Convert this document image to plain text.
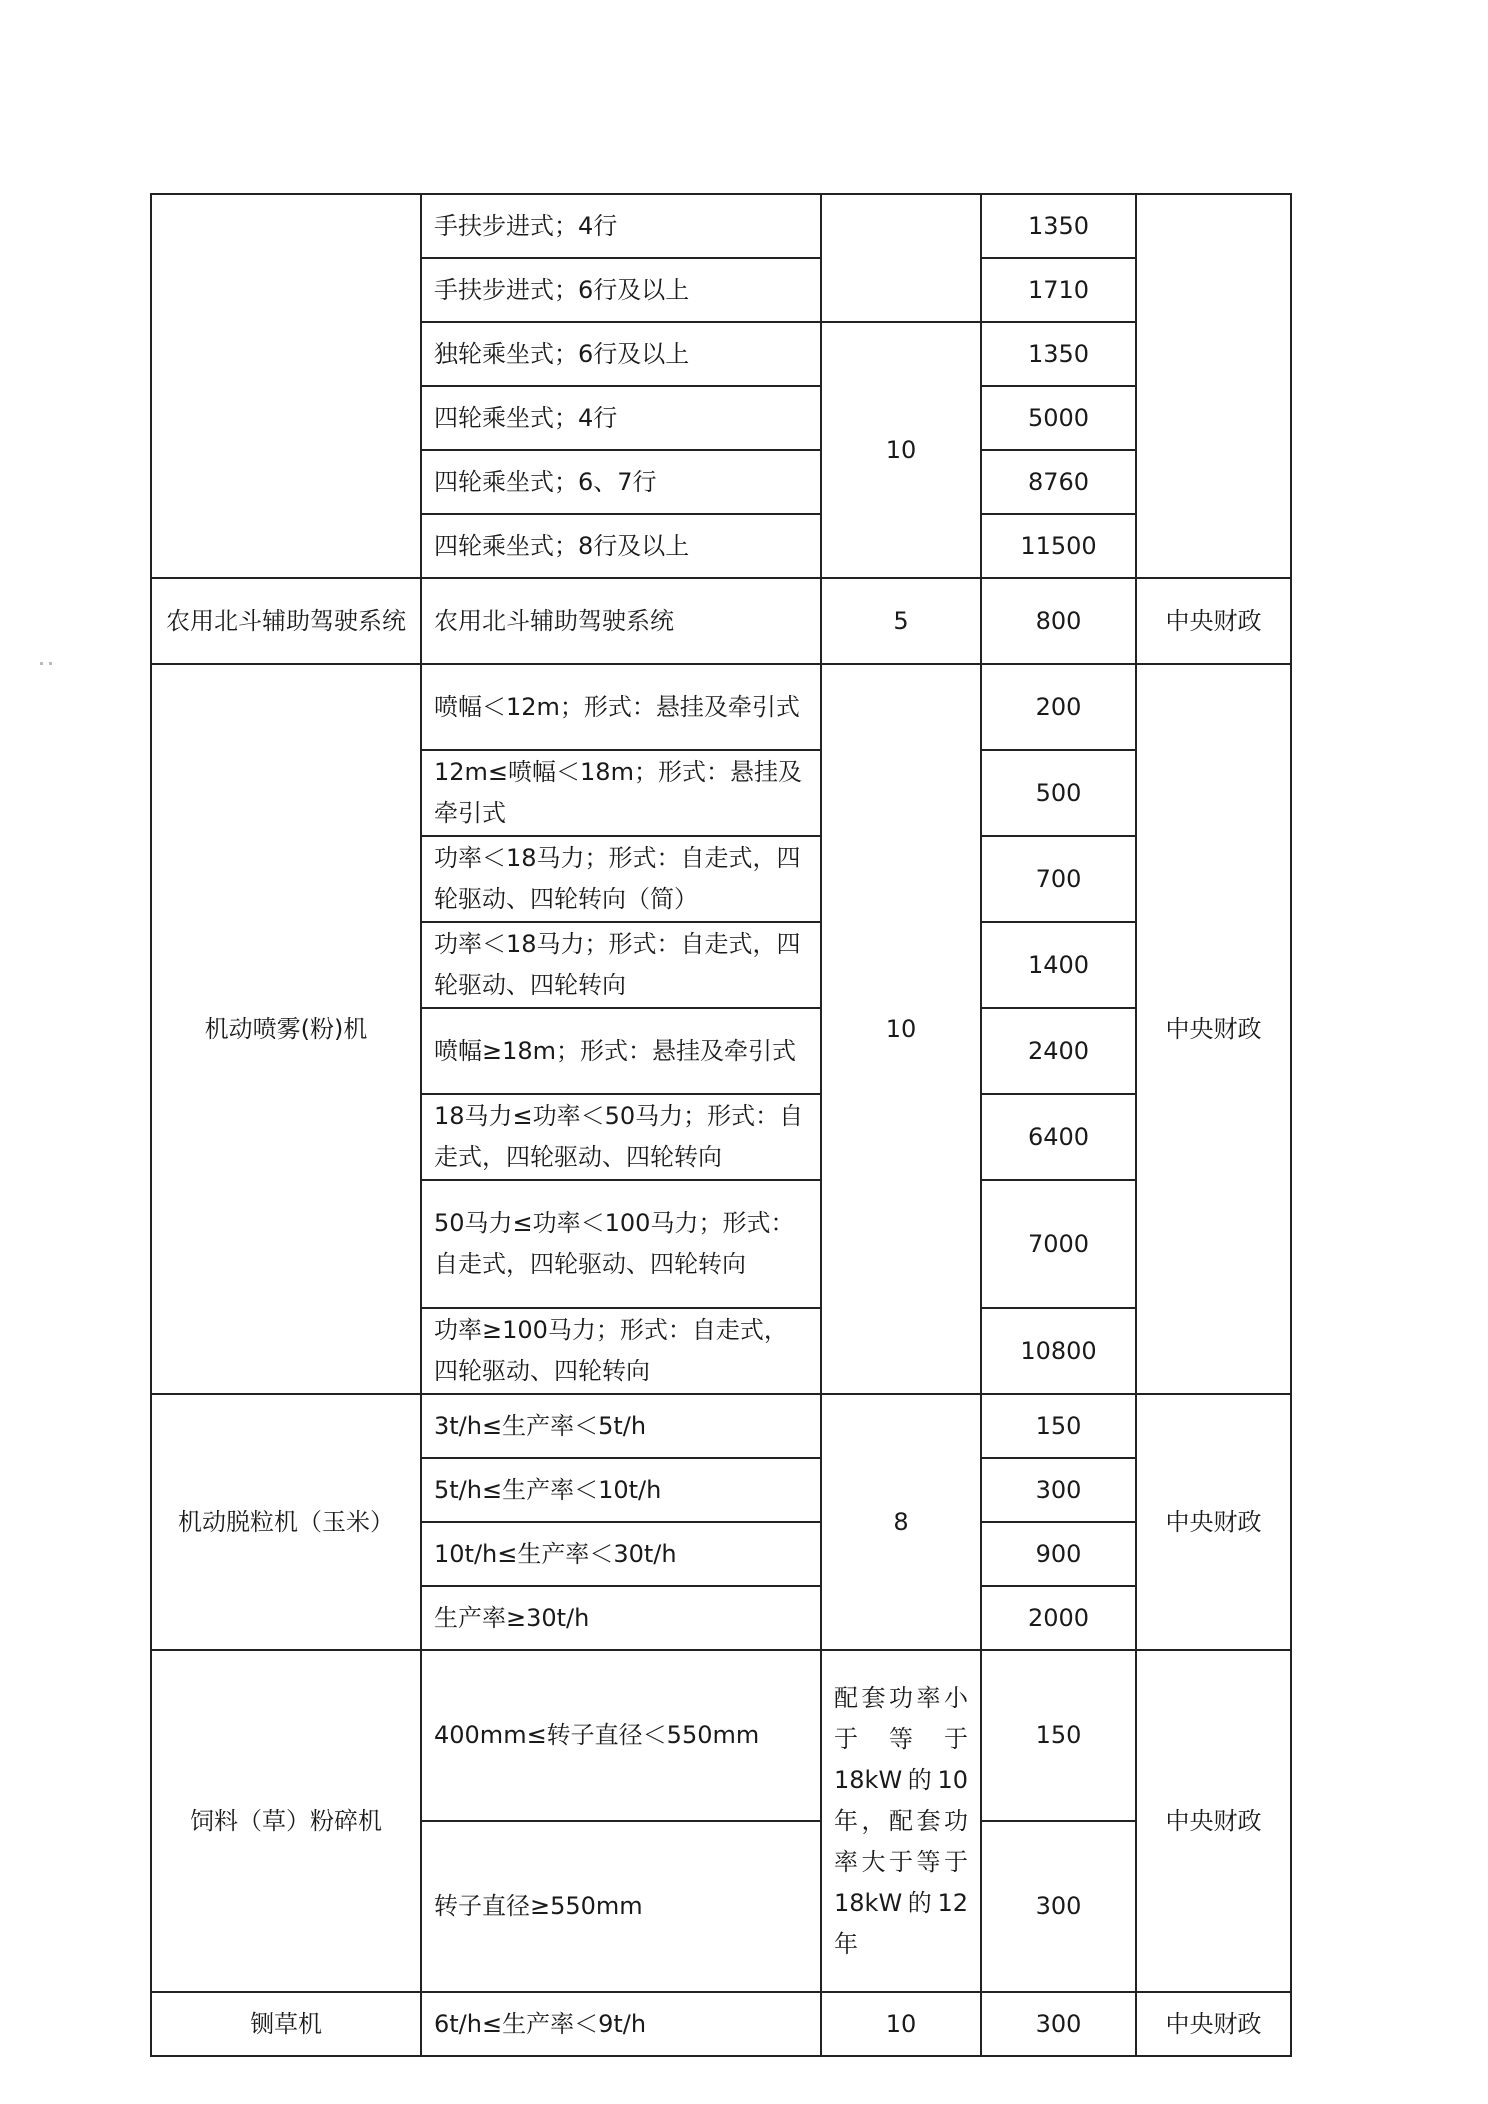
	手扶步进式；4行		1350	
	手扶步进式；6行及以上		1710	
	独轮乘坐式；6行及以上	10	1350	
	四轮乘坐式；4行		5000	
	四轮乘坐式；6、7行		8760	
	四轮乘坐式；8行及以上		11500	
农用北斗辅助驾驶系统	农用北斗辅助驾驶系统	5	800	中央财政
机动喷雾(粉)机	喷幅＜12m；形式：悬挂及牵引式	10	200	中央财政
	12m≤喷幅＜18m；形式：悬挂及牵引式		500	
	功率＜18马力；形式：自走式，四轮驱动、四轮转向（简）		700	
	功率＜18马力；形式：自走式，四轮驱动、四轮转向		1400	
	喷幅≥18m；形式：悬挂及牵引式		2400	
	18马力≤功率＜50马力；形式：自走式，四轮驱动、四轮转向		6400	
	50马力≤功率＜100马力；形式：自走式，四轮驱动、四轮转向		7000	
	功率≥100马力；形式：自走式，四轮驱动、四轮转向		10800	
机动脱粒机（玉米）	3t/h≤生产率＜5t/h	8	150	中央财政
	5t/h≤生产率＜10t/h		300	
	10t/h≤生产率＜30t/h		900	
	生产率≥30t/h		2000	
饲料（草）粉碎机	400mm≤转子直径＜550mm	配套功率小于等于18kW的10年，配套功率大于等于18kW的12年	150	中央财政
	转子直径≥550mm		300	
铡草机	6t/h≤生产率＜9t/h	10	300	中央财政
